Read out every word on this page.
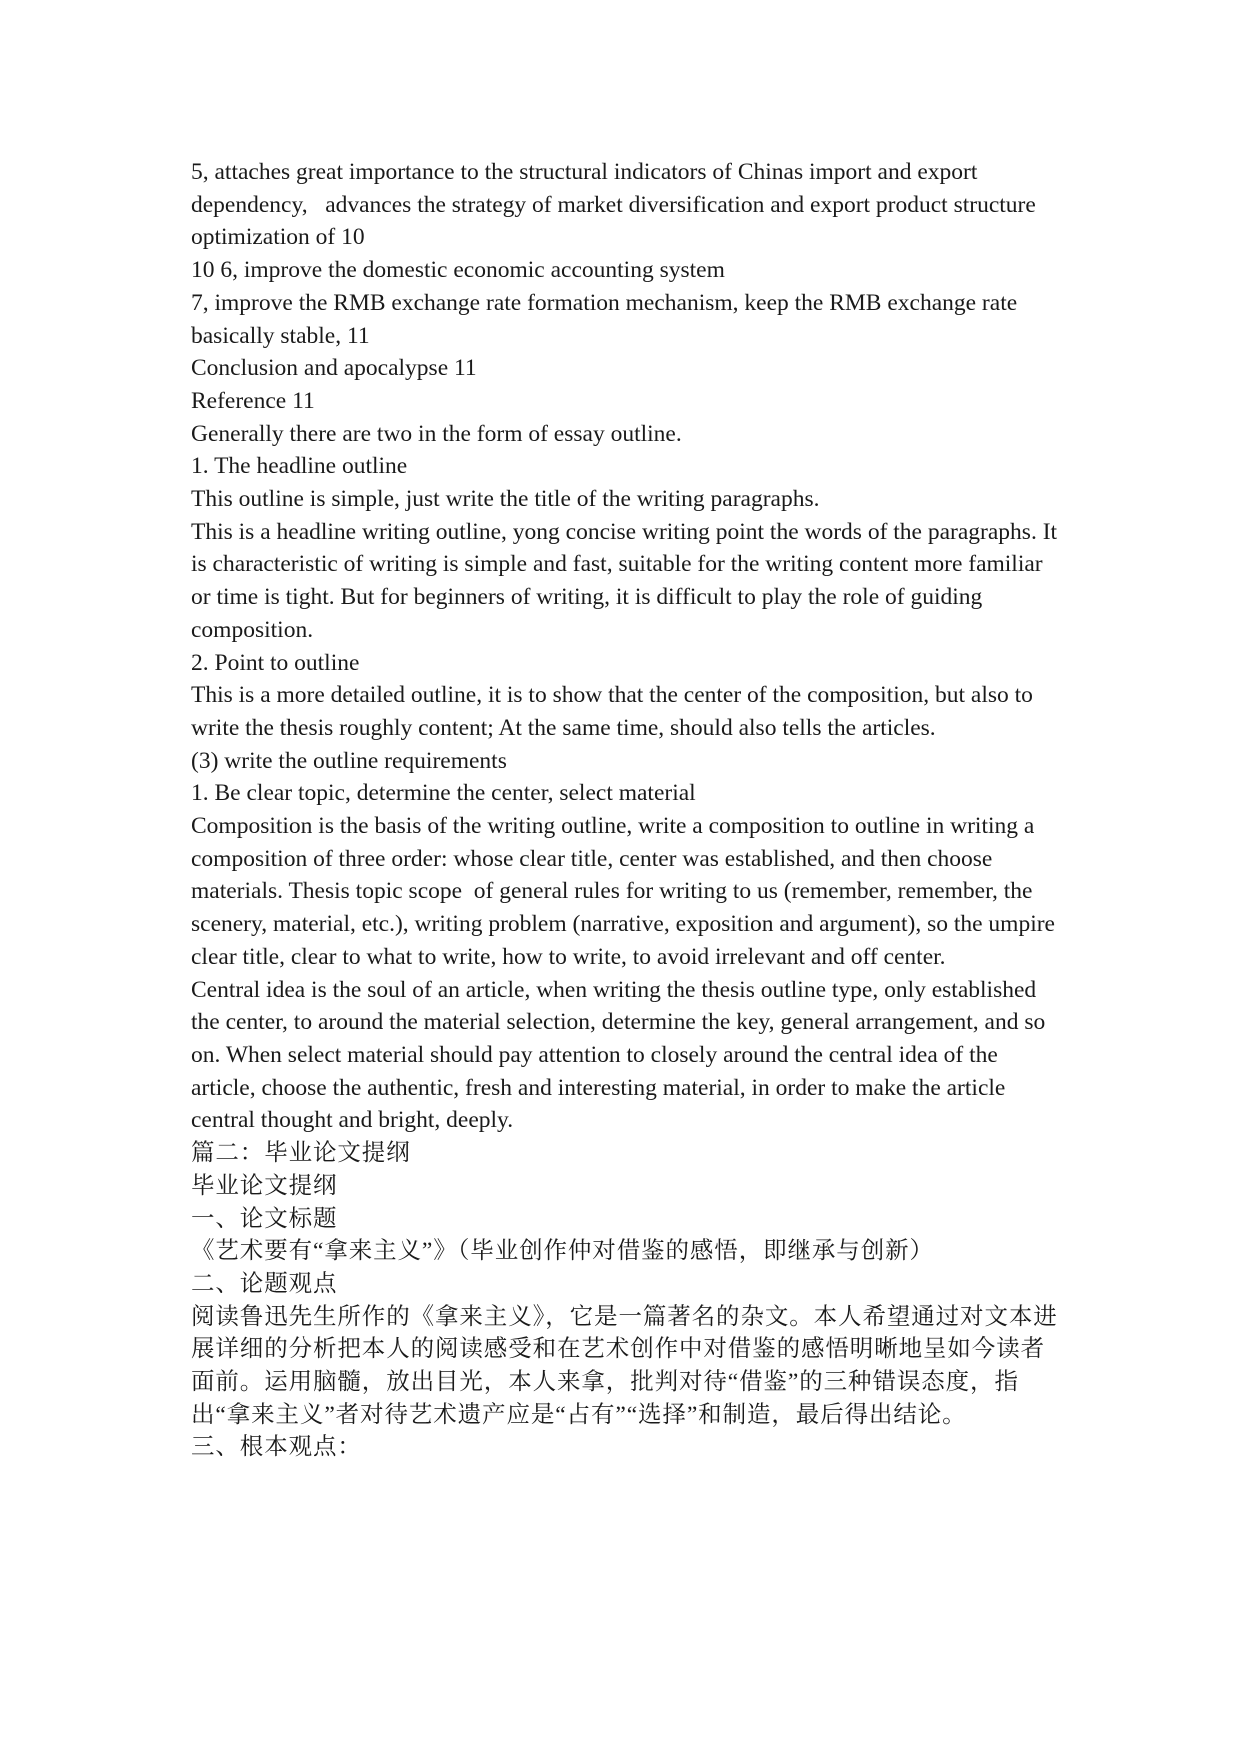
5, attaches great importance to the structural indicators of Chinas import and export dependency,   advances the strategy of market diversification and export product structure optimization of 10

10 6, improve the domestic economic accounting system

7, improve the RMB exchange rate formation mechanism, keep the RMB exchange rate basically stable, 11

Conclusion and apocalypse 11

Reference 11

Generally there are two in the form of essay outline.

1. The headline outline

This outline is simple, just write the title of the writing paragraphs.

This is a headline writing outline, yong concise writing point the words of the paragraphs. It is characteristic of writing is simple and fast, suitable for the writing content more familiar or time is tight. But for beginners of writing, it is difficult to play the role of guiding composition.

2. Point to outline

This is a more detailed outline, it is to show that the center of the composition, but also to write the thesis roughly content; At the same time, should also tells the articles.

(3) write the outline requirements

1. Be clear topic, determine the center, select material

Composition is the basis of the writing outline, write a composition to outline in writing a composition of three order: whose clear title, center was established, and then choose materials. Thesis topic scope  of general rules for writing to us (remember, remember, the scenery, material, etc.), writing problem (narrative, exposition and argument), so the umpire clear title, clear to what to write, how to write, to avoid irrelevant and off center.

Central idea is the soul of an article, when writing the thesis outline type, only established the center, to around the material selection, determine the key, general arrangement, and so on. When select material should pay attention to closely around the central idea of the article, choose the authentic, fresh and interesting material, in order to make the article central thought and bright, deeply.

篇二：毕业论文提纲

毕业论文提纲

一、论文标题

《艺术要有“拿来主义”》（毕业创作仲对借鉴的感悟，即继承与创新）

二、论题观点

阅读鲁迅先生所作的《拿来主义》，它是一篇著名的杂文。本人希望通过对文本进展详细的分析把本人的阅读感受和在艺术创作中对借鉴的感悟明晰地呈如今读者面前。运用脑髓，放出目光，本人来拿，批判对待“借鉴”的三种错误态度，指出“拿来主义”者对待艺术遗产应是“占有”“选择”和制造，最后得出结论。

三、根本观点：
